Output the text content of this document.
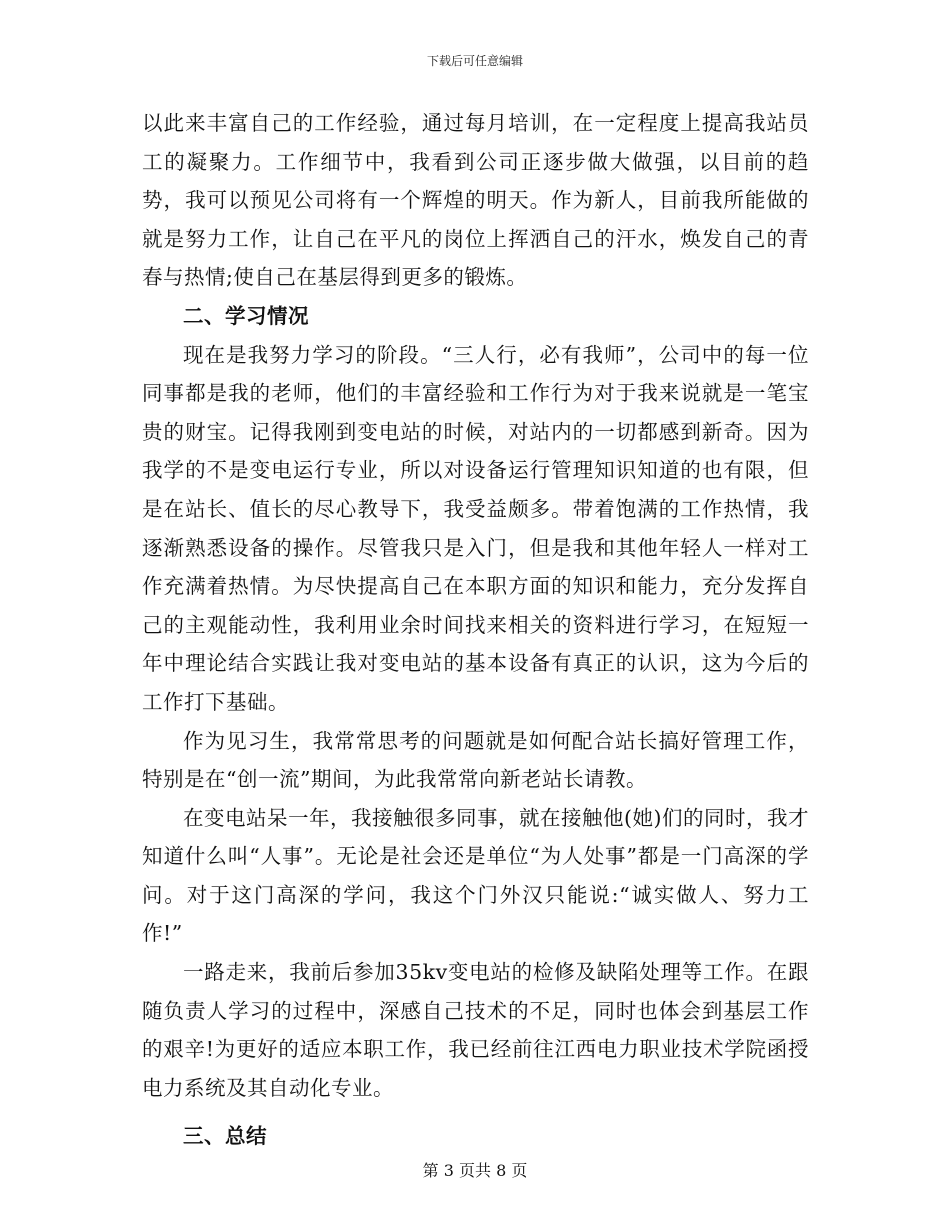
下载后可任意编辑

以此来丰富自己的工作经验，通过每月培训，在一定程度上提高我站员工的凝聚力。工作细节中，我看到公司正逐步做大做强，以目前的趋势，我可以预见公司将有一个辉煌的明天。作为新人，目前我所能做的就是努力工作，让自己在平凡的岗位上挥洒自己的汗水，焕发自己的青春与热情;使自己在基层得到更多的锻炼。

二、学习情况

现在是我努力学习的阶段。“三人行，必有我师”，公司中的每一位同事都是我的老师，他们的丰富经验和工作行为对于我来说就是一笔宝贵的财宝。记得我刚到变电站的时候，对站内的一切都感到新奇。因为我学的不是变电运行专业，所以对设备运行管理知识知道的也有限，但是在站长、值长的尽心教导下，我受益颇多。带着饱满的工作热情，我逐渐熟悉设备的操作。尽管我只是入门，但是我和其他年轻人一样对工作充满着热情。为尽快提高自己在本职方面的知识和能力，充分发挥自己的主观能动性，我利用业余时间找来相关的资料进行学习，在短短一年中理论结合实践让我对变电站的基本设备有真正的认识，这为今后的工作打下基础。

作为见习生，我常常思考的问题就是如何配合站长搞好管理工作，特别是在“创一流”期间，为此我常常向新老站长请教。

在变电站呆一年，我接触很多同事，就在接触他(她)们的同时，我才知道什么叫“人事”。无论是社会还是单位“为人处事”都是一门高深的学问。对于这门高深的学问，我这个门外汉只能说:“诚实做人、努力工作!”

一路走来，我前后参加35kv变电站的检修及缺陷处理等工作。在跟随负责人学习的过程中，深感自己技术的不足，同时也体会到基层工作的艰辛!为更好的适应本职工作，我已经前往江西电力职业技术学院函授电力系统及其自动化专业。

三、总结

第 3 页共 8 页
